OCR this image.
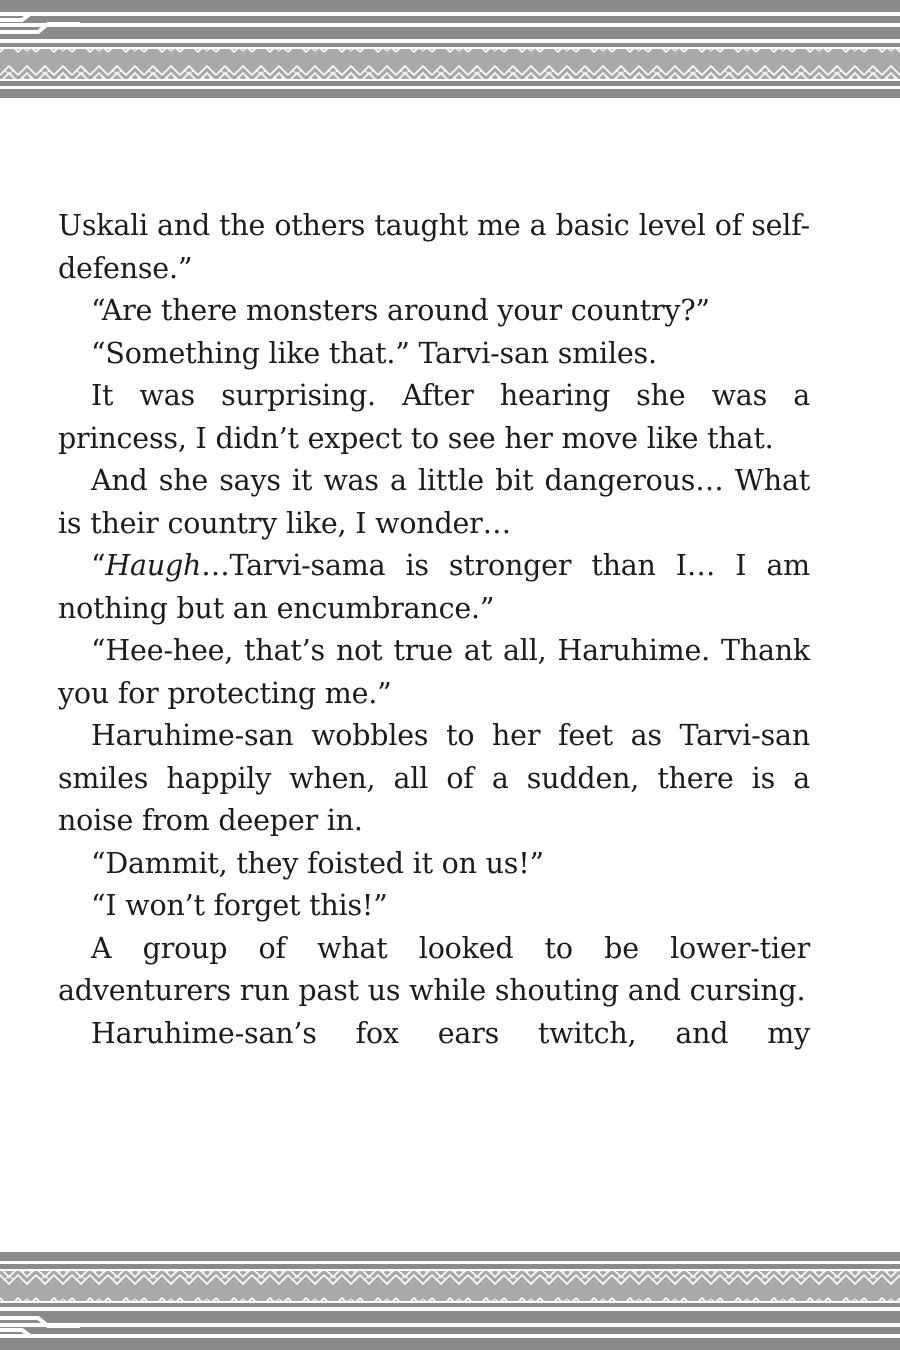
Uskali and the others taught me a basic level of self-defense.”

“Are there monsters around your country?”

“Something like that.” Tarvi-san smiles.

It was surprising. After hearing she was a princess, I didn’t expect to see her move like that.

And she says it was a little bit dangerous… What is their country like, I wonder…

“Haugh…Tarvi-sama is stronger than I… I am nothing but an encumbrance.”

“Hee-hee, that’s not true at all, Haruhime. Thank you for protecting me.”

Haruhime-san wobbles to her feet as Tarvi-san smiles happily when, all of a sudden, there is a noise from deeper in.

“Dammit, they foisted it on us!”

“I won’t forget this!”

A group of what looked to be lower-tier adventurers run past us while shouting and cursing.

Haruhime-san’s fox ears twitch, and my
